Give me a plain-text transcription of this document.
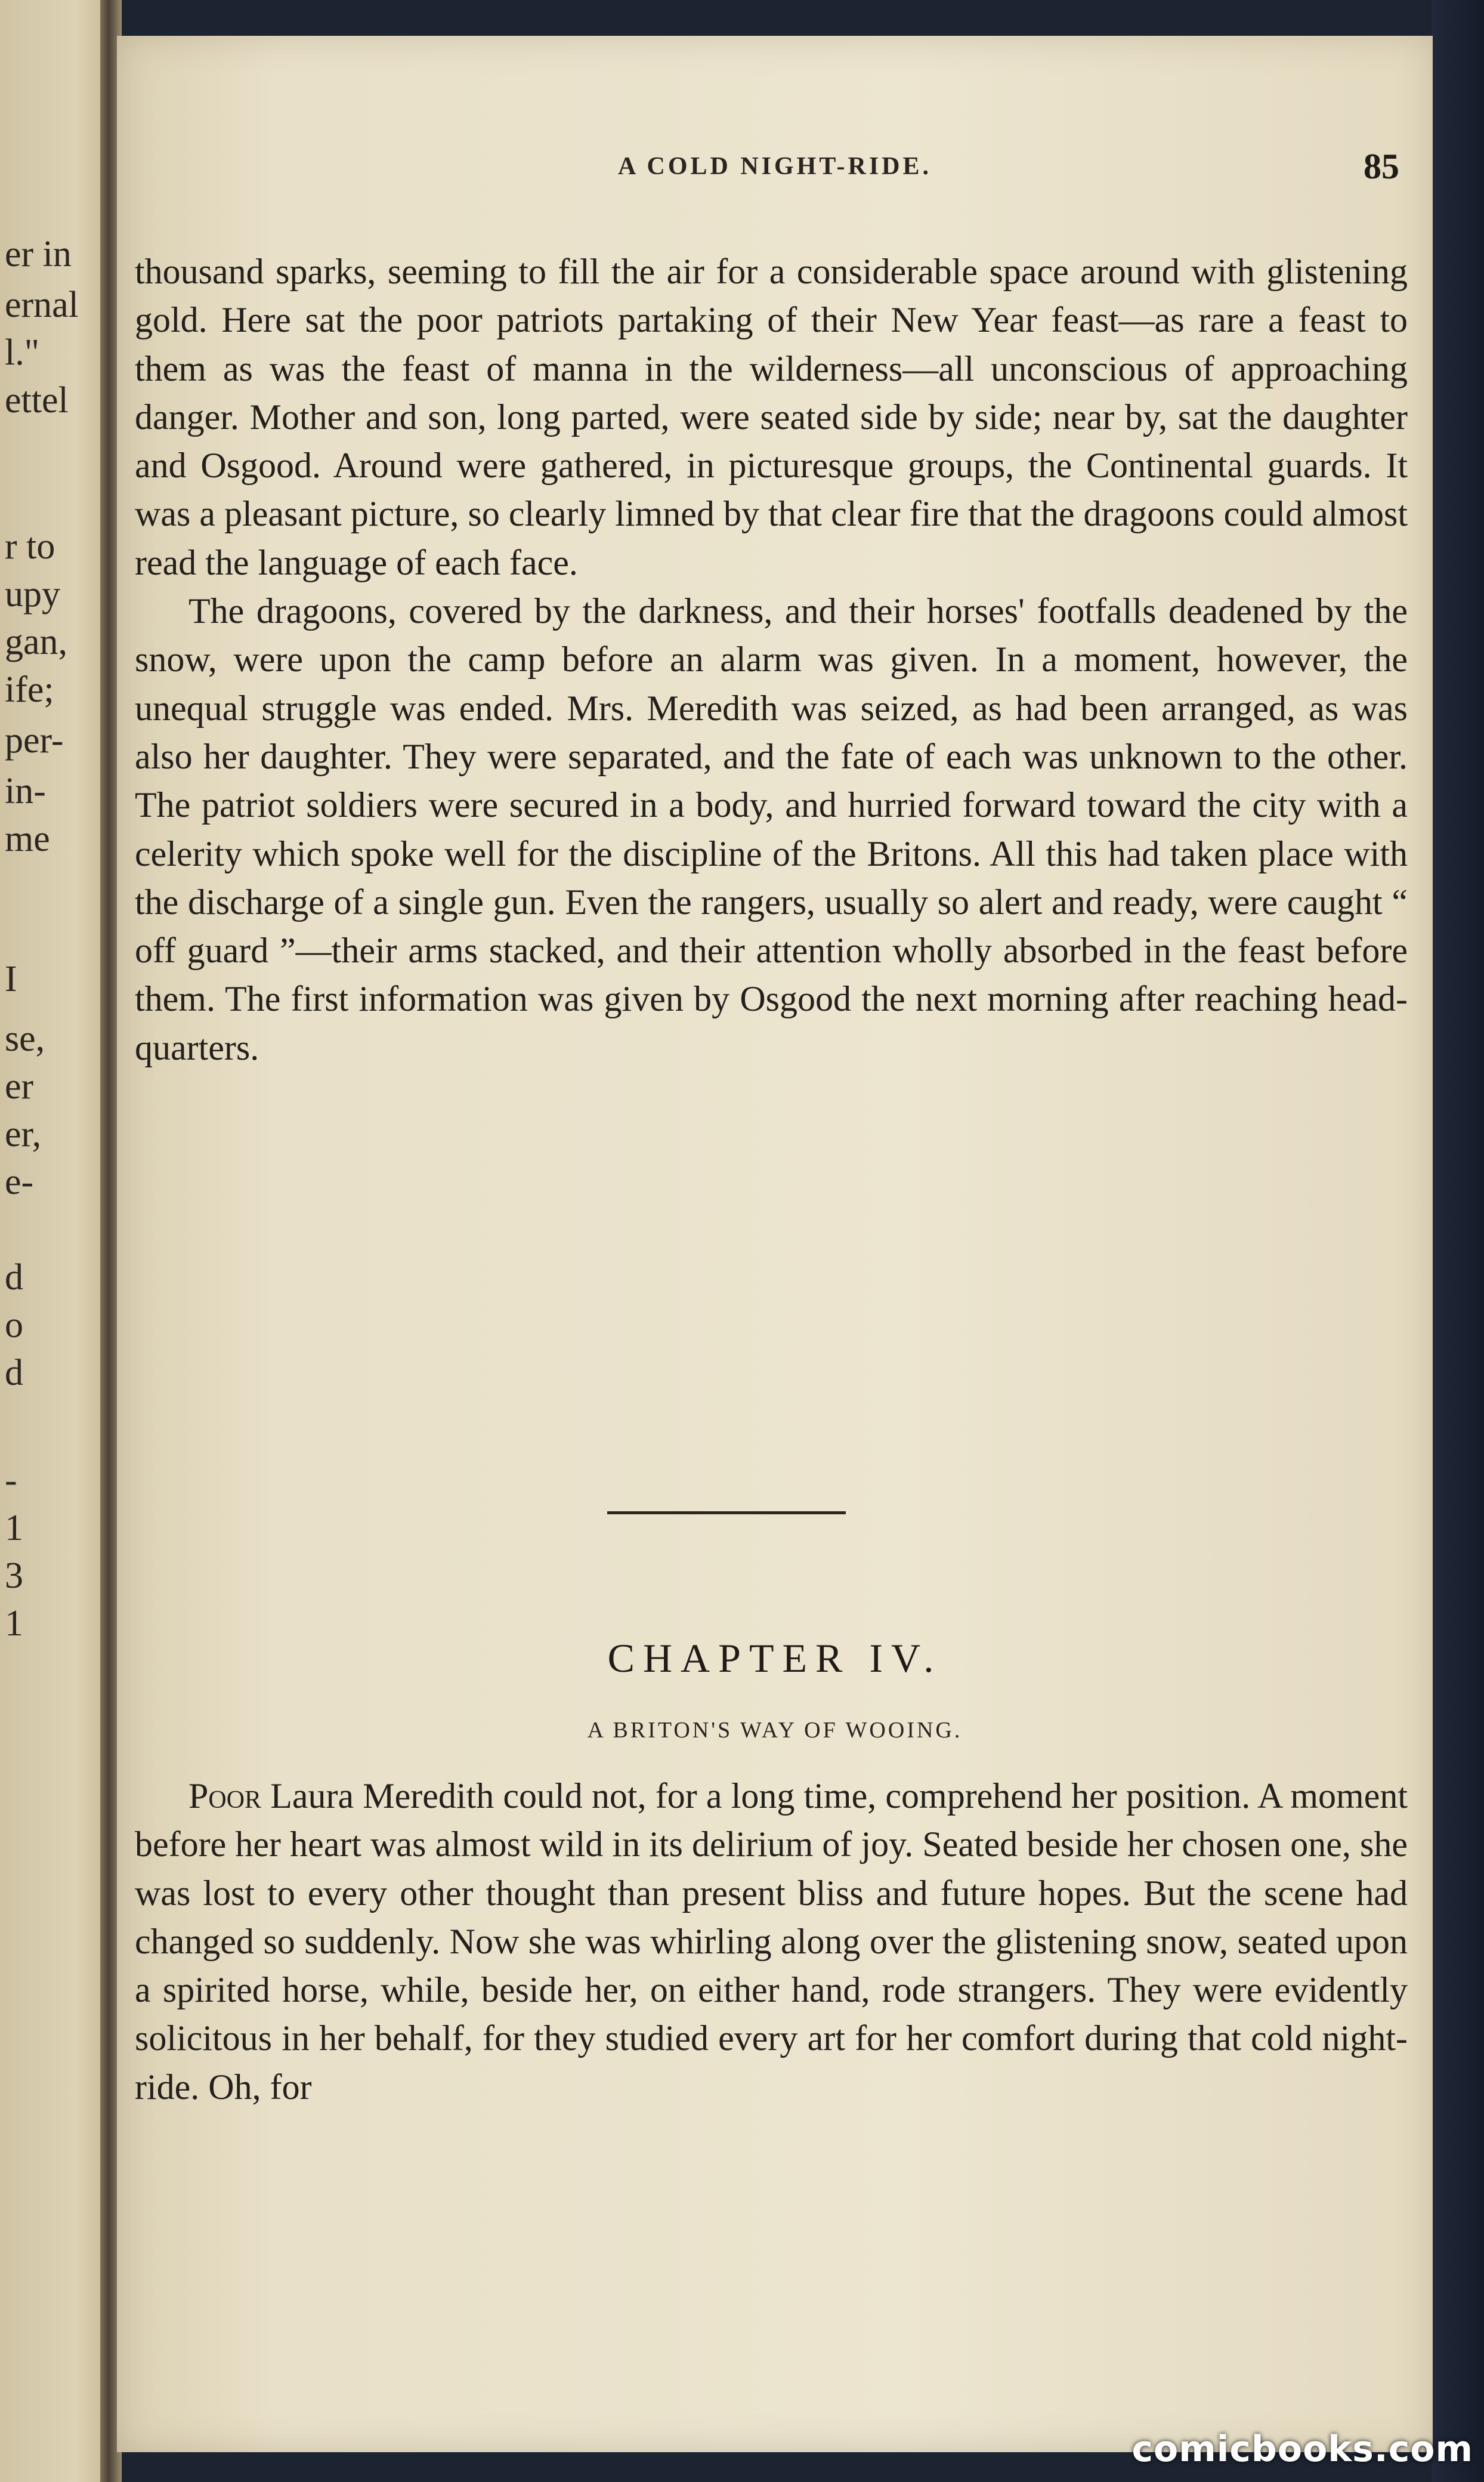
er in
ernal
l."
ettel
r to
upy
gan,
ife;
per-
in-
me
I
se,
er
er,
e-
d
o
d
-
1
3
1
A COLD NIGHT-RIDE.	85

thousand sparks, seeming to fill the air for a considerable space around with glistening gold. Here sat the poor patriots partaking of their New Year feast—as rare a feast to them as was the feast of manna in the wilderness—all unconscious of approaching danger. Mother and son, long parted, were seated side by side; near by, sat the daughter and Osgood. Around were gathered, in picturesque groups, the Continental guards. It was a pleasant picture, so clearly limned by that clear fire that the dragoons could almost read the language of each face.

The dragoons, covered by the darkness, and their horses' footfalls deadened by the snow, were upon the camp before an alarm was given. In a moment, however, the unequal struggle was ended. Mrs. Meredith was seized, as had been arranged, as was also her daughter. They were separated, and the fate of each was unknown to the other. The patriot soldiers were secured in a body, and hurried forward toward the city with a celerity which spoke well for the discipline of the Britons. All this had taken place with the discharge of a single gun. Even the rangers, usually so alert and ready, were caught “ off guard ”—their arms stacked, and their attention wholly absorbed in the feast before them. The first information was given by Osgood the next morning after reaching head-quarters.

CHAPTER IV.
A BRITON'S WAY OF WOOING.

Poor Laura Meredith could not, for a long time, comprehend her position. A moment before her heart was almost wild in its delirium of joy. Seated beside her chosen one, she was lost to every other thought than present bliss and future hopes. But the scene had changed so suddenly. Now she was whirling along over the glistening snow, seated upon a spirited horse, while, beside her, on either hand, rode strangers. They were evidently solicitous in her behalf, for they studied every art for her comfort during that cold night-ride. Oh, for

comicbooks.com
